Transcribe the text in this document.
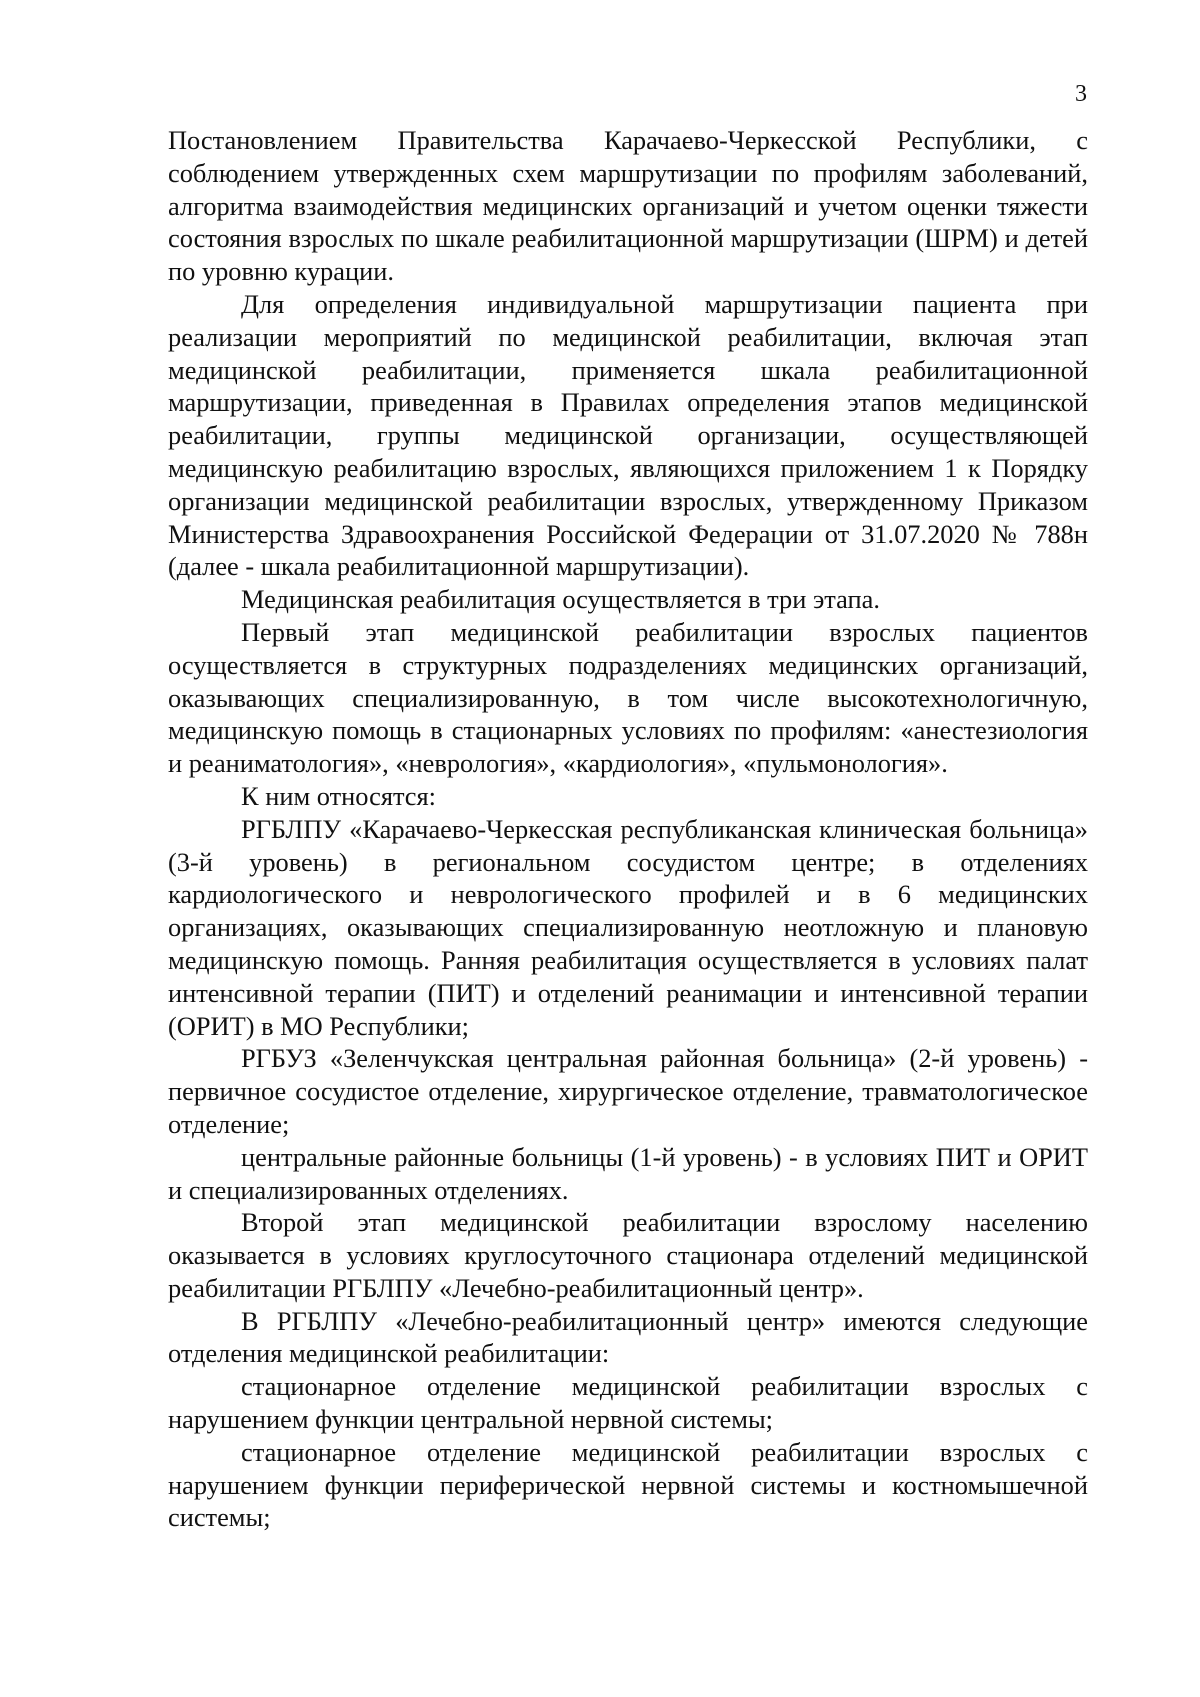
3

Постановлением Правительства Карачаево-Черкесской Республики, с соблюдением утвержденных схем маршрутизации по профилям заболеваний, алгоритма взаимодействия медицинских организаций и учетом оценки тяжести состояния взрослых по шкале реабилитационной маршрутизации (ШРМ) и детей по уровню курации.

Для определения индивидуальной маршрутизации пациента при реализации мероприятий по медицинской реабилитации, включая этап медицинской реабилитации, применяется шкала реабилитационной маршрутизации, приведенная в Правилах определения этапов медицинской реабилитации, группы медицинской организации, осуществляющей медицинскую реабилитацию взрослых, являющихся приложением 1 к Порядку организации медицинской реабилитации взрослых, утвержденному Приказом Министерства Здравоохранения Российской Федерации от 31.07.2020 № 788н (далее - шкала реабилитационной маршрутизации).

Медицинская реабилитация осуществляется в три этапа.

Первый этап медицинской реабилитации взрослых пациентов осуществляется в структурных подразделениях медицинских организаций, оказывающих специализированную, в том числе высокотехнологичную, медицинскую помощь в стационарных условиях по профилям: «анестезиология и реаниматология», «неврология», «кардиология», «пульмонология».

К ним относятся:

РГБЛПУ «Карачаево-Черкесская республиканская клиническая больница» (3-й уровень) в региональном сосудистом центре; в отделениях кардиологического и неврологического профилей и в 6 медицинских организациях, оказывающих специализированную неотложную и плановую медицинскую помощь. Ранняя реабилитация осуществляется в условиях палат интенсивной терапии (ПИТ) и отделений реанимации и интенсивной терапии (ОРИТ) в МО Республики;

РГБУЗ «Зеленчукская центральная районная больница» (2-й уровень) - первичное сосудистое отделение, хирургическое отделение, травматологическое отделение;

центральные районные больницы (1-й уровень) - в условиях ПИТ и ОРИТ и специализированных отделениях.

Второй этап медицинской реабилитации взрослому населению оказывается в условиях круглосуточного стационара отделений медицинской реабилитации РГБЛПУ «Лечебно-реабилитационный центр».

В РГБЛПУ «Лечебно-реабилитационный центр» имеются следующие отделения медицинской реабилитации:

стационарное отделение медицинской реабилитации взрослых с нарушением функции центральной нервной системы;

стационарное отделение медицинской реабилитации взрослых с нарушением функции периферической нервной системы и костномышечной системы;
